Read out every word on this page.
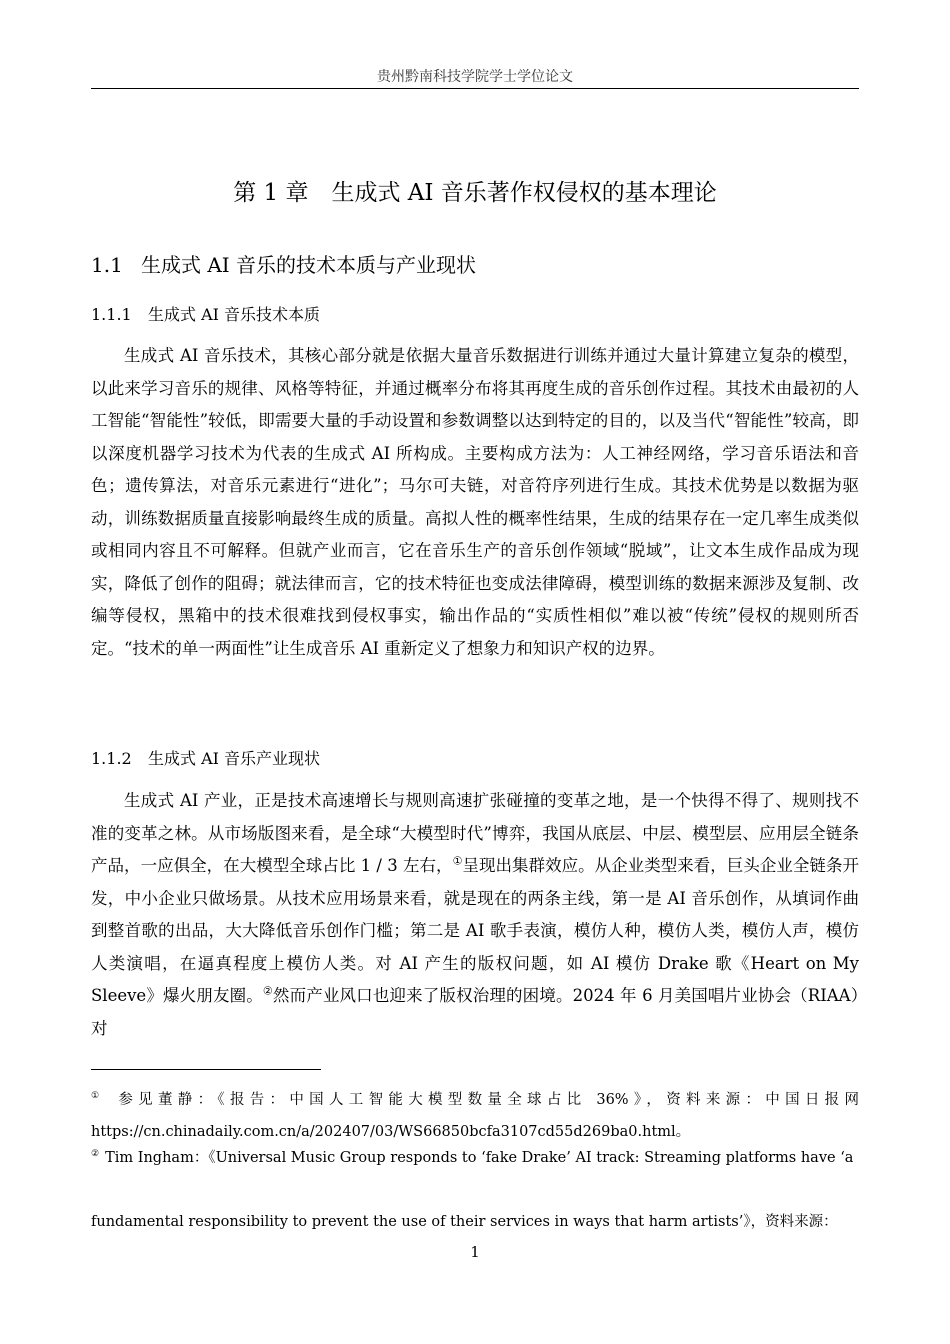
贵州黔南科技学院学士学位论文
第 1 章　生成式 AI 音乐著作权侵权的基本理论
1.1 生成式 AI 音乐的技术本质与产业现状
1.1.1 生成式 AI 音乐技术本质

生成式 AI 音乐技术，其核心部分就是依据大量音乐数据进行训练并通过大量计算建立复杂的模型，以此来学习音乐的规律、风格等特征，并通过概率分布将其再度生成的音乐创作过程。其技术由最初的人工智能“智能性”较低，即需要大量的手动设置和参数调整以达到特定的目的，以及当代“智能性”较高，即以深度机器学习技术为代表的生成式 AI 所构成。主要构成方法为：人工神经网络，学习音乐语法和音色；遗传算法，对音乐元素进行“进化”；马尔可夫链，对音符序列进行生成。其技术优势是以数据为驱动，训练数据质量直接影响最终生成的质量。高拟人性的概率性结果，生成的结果存在一定几率生成类似或相同内容且不可解释。但就产业而言，它在音乐生产的音乐创作领域“脱域”，让文本生成作品成为现实，降低了创作的阻碍；就法律而言，它的技术特征也变成法律障碍，模型训练的数据来源涉及复制、改编等侵权，黑箱中的技术很难找到侵权事实，输出作品的“实质性相似”难以被“传统”侵权的规则所否定。“技术的单一两面性”让生成音乐 AI 重新定义了想象力和知识产权的边界。

1.1.2 生成式 AI 音乐产业现状

生成式 AI 产业，正是技术高速增长与规则高速扩张碰撞的变革之地，是一个快得不得了、规则找不准的变革之林。从市场版图来看，是全球“大模型时代”博弈，我国从底层、中层、模型层、应用层全链条产品，一应俱全，在大模型全球占比 1 / 3 左右，①呈现出集群效应。从企业类型来看，巨头企业全链条开发，中小企业只做场景。从技术应用场景来看，就是现在的两条主线，第一是 AI 音乐创作，从填词作曲到整首歌的出品，大大降低音乐创作门槛；第二是 AI 歌手表演，模仿人种，模仿人类，模仿人声，模仿人类演唱，在逼真程度上模仿人类。对 AI 产生的版权问题，如 AI 模仿 Drake 歌《Heart on My Sleeve》爆火朋友圈。②然而产业风口也迎来了版权治理的困境。2024 年 6 月美国唱片业协会（RIAA）对

① 参见董静：《报告：中国人工智能大模型数量全球占比 36%》，资料来源：中国日报网 https://cn.chinadaily.com.cn/a/202407/03/WS66850bcfa3107cd55d269ba0.html。

② Tim Ingham：《Universal Music Group responds to ‘fake Drake’ AI track: Streaming platforms have ‘a

fundamental responsibility to prevent the use of their services in ways that harm artists’》，资料来源：

1
